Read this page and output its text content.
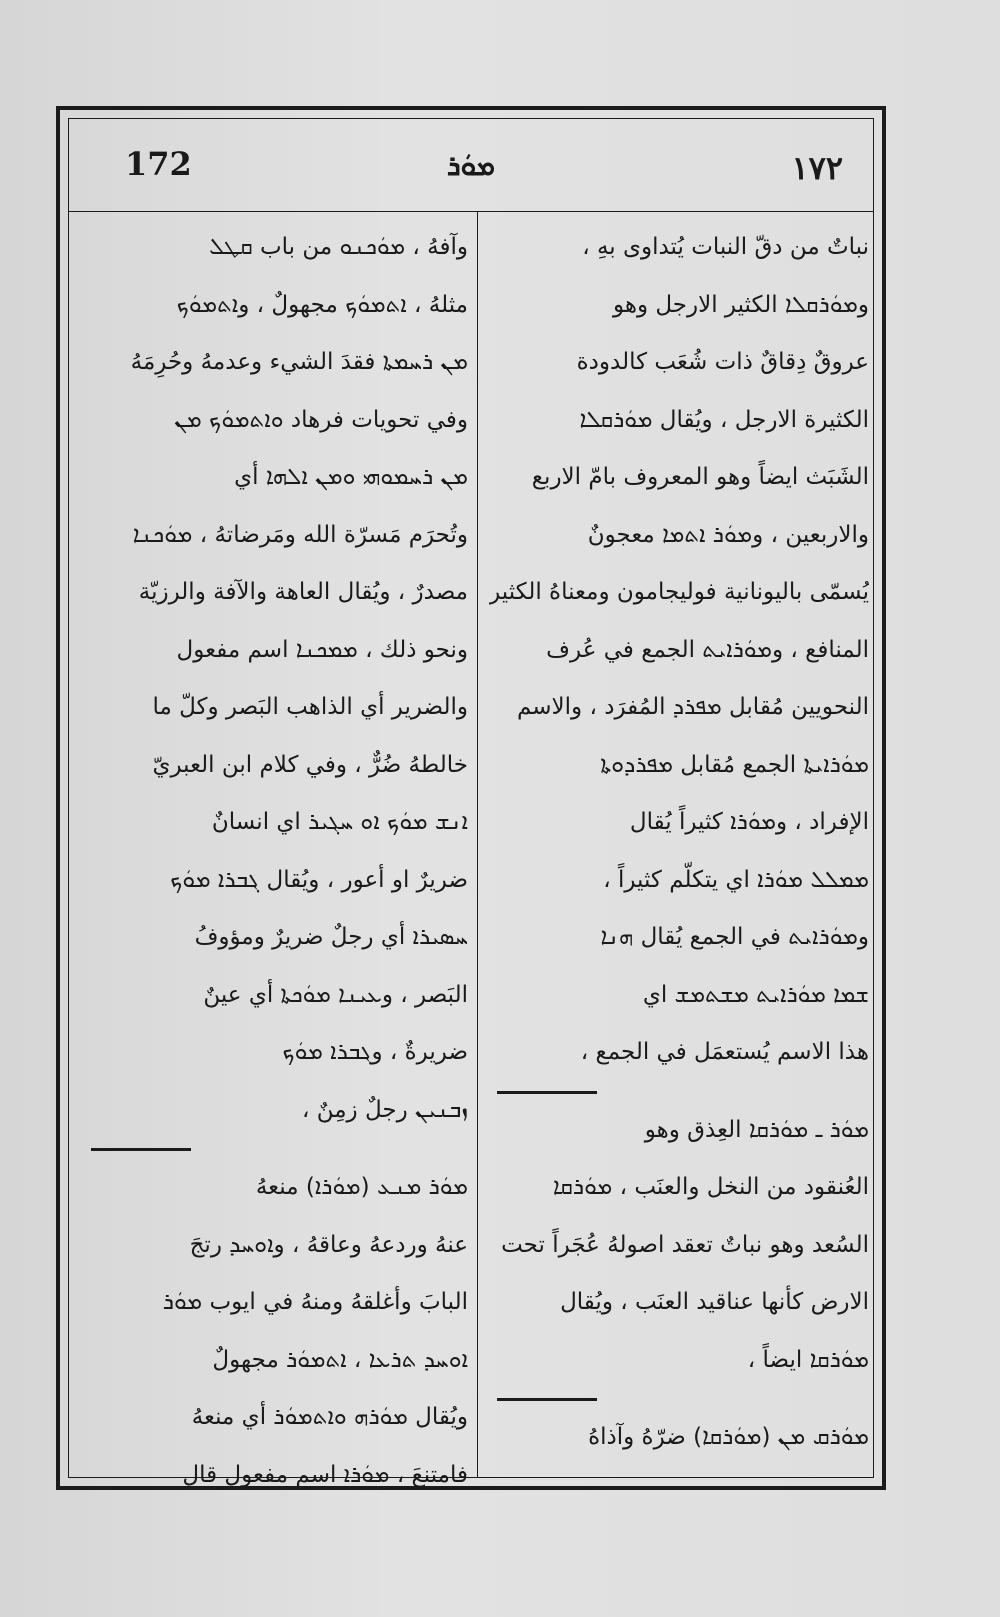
172	ܡܘܿܪ	١٧٢
نباتٌ من دقّ النبات يُتداوى بهِ ،
وܡܘܿܪܩܠܐ الكثير الارجل وهو
عروقٌ دِقاقٌ ذات شُعَب كالدودة
الكثيرة الارجل ، ويُقال ܡܘܿܪܩܠܐ
الشَبَث ايضاً وهو المعروف بامّ الاربع
والاربعين ، وܡܘܿܪ ܐܬܡܐ معجونٌ
يُسمّى باليونانية فوليجامون ومعناهُ الكثير
المنافع ، وܡܘܿܪܐܝܬ الجمع في عُرف
النحويين مُقابل ܡܦܪܕ المُفرَد ، والاسم
ܡܘܿܪܐܝܬܐ الجمع مُقابل ܡܦܪܕܘܬܐ
الإفراد ، وܡܘܿܪܐ كثيراً يُقال
ܡܡܠܠ ܡܘܿܪܐ اي يتكلّم كثيراً ،
وܡܘܿܪܐܝܬ في الجمع يُقال ܗܢܐ
ܫܡܐ ܡܘܿܪܐܝܬ ܡܫܬܡܫ اي
هذا الاسم يُستعمَل في الجمع ،
ܡܘܿܪ ـ ܡܘܿܪܩܐ العِذق وهو
العُنقود من النخل والعنَب ، ܡܘܿܪܩܐ
السُعد وهو نباتٌ تعقد اصولهُ عُجَراً تحت
الارض كأنها عناقيد العنَب ، ويُقال
ܡܘܿܪܩܐ ايضاً ،
ܡܘܿܪܩ ܡܢ (ܡܘܿܪܩܐ) ضرّهُ وآذاهُ
وآفهُ ، ܡܘܿܟܢܘ من باب ܩܛܠ
مثلهُ ، ܐܬܡܘܿܟ مجهولٌ ، وܐܬܡܘܿܟ
ܡܢ ܪܚܡܬܐ فقدَ الشيء وعدمهُ وحُرِمَهُ
وفي تحويات فرهاد ܘܐܬܡܘܿܟ ܡܢ
ܡܢ ܪܚܡܘܗܝ ܘܡܢ ܐܠܗܐ أي
وتُحرَم مَسرّة الله ومَرضاتهُ ، ܡܘܿܟܢܐ
مصدرٌ ، ويُقال العاهة والآفة والرزيّة
ونحو ذلك ، ܡܡܟܢܐ اسم مفعول
والضرير أي الذاهب البَصر وكلّ ما
خالطهُ ضُرٌّ ، وفي كلام ابن العبريّ
ܐܢܫ ܡܘܿܟ ܐܘ ܚܓܝܪ اي انسانٌ
ضريرٌ او أعور ، ويُقال ܓܒܪܐ ܡܘܿܟ
ܚܣܝܪܐ أي رجلٌ ضريرٌ ومؤوفُ
البَصر ، وܥܝܢܐ ܡܘܿܟܬܐ أي عينٌ
ضريرةٌ ، وܓܒܪܐ ܡܘܿܟ
ܙܒܢܝܢ رجلٌ زمِنٌ ،
ܡܘܿܪ ܡܢܥ (ܡܘܿܪܐ) منعهُ
عنهُ وردعهُ وعاقهُ ، وܐܘܚܕ رتجَ
البابَ وأغلقهُ ومنهُ في ايوب ܡܘܿܪ
ܐܘܚܕ ܬܪܥܐ ، ܐܬܡܘܿܪ مجهولٌ
ويُقال ܡܘܿܪܗ ܘܐܬܡܘܿܪ أي منعهُ
فامتنعَ ، ܡܘܿܪܐ اسم مفعول قال
